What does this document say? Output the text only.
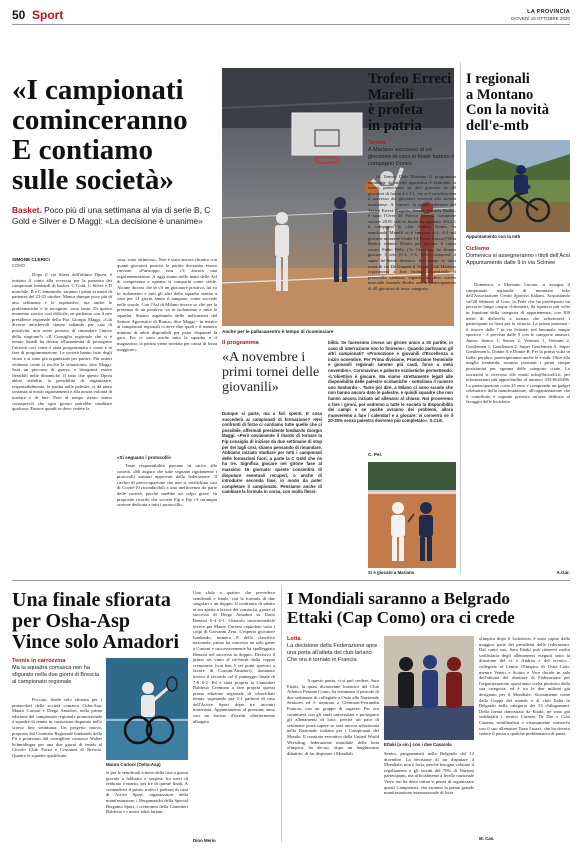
50 Sport	LA PROVINCIA
GIOVEDÌ 15 OTTOBRE 2020
«I campionati
cominceranno
E contiamo
sulle società»
Basket. Poco più di una settimana al via di serie B, C Gold e Silver e D Maggi: «La decisione è unanime»
Anche per le pallacanestro è tempo di ricominciare
SIMONE CLERICI
COMO
Dopo il via libera dell'ultimo Dpcm, è iniziato il conto alla rovescia per la partenza dei campionati lombardi di basket. C Gold, C Silver e D maschile, B e C femminile, saranno i primi ai nastri di partenza del 23-25 ottobre. Manca dunque poco più di una settimana e le aspettative, ma anche le problematiche e le incognite, sono tante. Di questo momento storico così difficile, ne parliamo con il neo presidente regionale della Fip, Giorgio Maggi. «Già diverse amichevoli stanno saltando per casi di positività, non avete pensato di rimandare l'inizio della stagione?» «Il Consiglio regionale che si è tenuto lunedì ha deciso all'unanimità di proseguire l'attività così come è stata programmata e come è in fase di programmazione. Le società hanno fatto degli sforzi e si sono già organizzate per partire. Più avanti vedremo come si evolve la situazione» dice Maggi. Sarà un percorso di guerra, e bisognerà essere flessibili nelle dinamiche. Il fatto che questo Dpcm abbia stabilito la possibilità di organizzare, responsabilmente, la partita nelle palestre, ci dà tanto sostanza ai nostri ragionamenti e alla nostra volontà di iniziare e di fare. Però al tempo stesso siamo consapevoli che ogni giorno potrebbe cambiare qualcosa. Finisce quindi se devo vedere la
cosa, sono ottimista». Non è stato ancora chiarito con quanti giocatori positivi le partite dovranno essere rinviate. «Purtroppo non c'è ancora una regolamentazione. A oggi siamo nelle mani delle Asl di competenza e ognuna si comporta come crede. Alcune dicono che se c'è un giocatore positivo, lui va in isolamento e tutti gli altri dello squadra stanno a casa per 14 giorni fanno il tampone, come succede nelle scuole. Con l'Asl di Milano invece so che per la presenza di un positivo, va in isolamento e tutta la squadra. Stiamo aspettando delle indicazioni dal Settore Agonistico di Roma» dice Maggi - in merito ai campionati regionali ci deve dire quali e il numero minimo di atleti disponibili per poter disputare la gara. Poi ci sono anche tutta la squadra e il magazzino, la partita viene rinviata per causa di forza maggiore».
«Si seguano i protocolli»
Tante responsabilità passano in carico alle società. «Mi auguro che tutte seguano rigidamente i protocolli sanitari approvati dalla federazione. Il rischio di preoccupazione che non si verifichino casi di Covid-19 riconducibili a una inefficienza da parte delle società, perché sarebbe un colpo grave. In proposito ricordo che società Fip e Fip c'è un'ampia sezione dedicata a tutti i protocolli».
Il programma
«A novembre i primi tornei delle giovanili»
Dunque si parte, ma a fari spenti. E cosa succederà ai campionati di formazione? «Nei confronti di forze ci contiamo tutte quelle che ci possibile, affermati presidente lombardo Giorgio Maggi. «Però ovviamente il ritardo di tornare la Fip consiglia di iniziare da due settimane di stop per dei tagli così, stiamo pensando di rimandare. Abbiamo iniziato studiare per tutti i campionati delle formazioni fuori, a parte la C Gold che ne ha tre. Significa giocare nel girone fase al massimo 16 giornate: queste consentirà di disputare eventuali recuperi, o anche di introdurre seconda fase, in modo da poter completare il campionato. Pensiamo anche di cambiare la formula in corsa, con molta flessi-
bilità. Se facessimo invece un girone unico a 30 partite, in caso di interruzione non lo finiremo». Quando partiranno gli altri campionati? «Promozione e giovanili d'Eccellenza a inizio novembre. Per Prima divisione, Promozione femminile e giovanili regionali saremo più cauti, forse a metà novembre». Coronavirus e palestre scolastiche permettendo. «L'obiettivo è giocare. Ma siamo strettamente legati alle disponibilità delle palestre scolastiche - sottolinea il numero uno lombardo -. Tante poi dire, a Milano ci sono scuole che non hanno ancora dato le palestre, e quindi squadre che non hanno ancora iniziato ad allenarsi al chiuso. Noi proveremo a fare i gironi, poi vedremo a tutte le società la disponibilità dei campi e se poche avranno dei problemi, allora muoveremo a fare i calendari e a giocare: vi converrà se il 20-30% senza palestra dovremo più completato». S.CLE.
Trofeo Erreci
Marelli
è profeta
in patria
Tennis
A Mariano successo di un giocatore di casa in finale battuto il compagno Dones
Al Tennis Club Mariano il programma autunnale di attività agonistica è intitolato ai tornei, partecipato su due giornate da 40 giocatori di fascia 4 e 3.5, che si è concluso con il successo dei giocatori tesserati alla società marianese. A vincere la prima edizione del Trofeo Erreci Progetto Tennis, formula Rodeo, è stato l'Over 40 Franco Marelli, campione sociale 2019, che in finale ha superato 4-0,4-1 il compagno di club Andrea Dones. In semifinale Marelli si è imposto 6-2, 4-2 sul giovane monzese Under 14 Pietro Cuccia (Villa Reale), mentre Dones per passare il turno contro Fabio Bello (Tc Giussano) ha dovuto giocare 3 sets (0-4, 5-3, 10-6) comprese il super tie-break decisivo. Sui campi in terra rossa di via De Gasperi il Tennis Club Mariano organizzerà a fine ottobre, rispettando il protocollo sanitario vigente, un altro torneo maschile formula Rodeo con la partecipazione di 40 giocatori di terza categoria.
C. Pel.
Si è giocato a Mariano
I regionali
a Montano
Con la novità
dell'e-mtb
Appuntamento con la mtb
Ciclismo
Domenica si assegneranno i titoli dell'Acsi Appuntamento dalle 9 in via Scimee
Domenica, a Montano Lucino, si assegna il campionato regionale di mountain bike dell'Associazione Centri Sportivi Italiani. Acquistando val'28 febbraio al Giro, la Fede che ha predisposto un percorso lungo cinque chilometri, da ripetersi più volte in funzione della categoria di appartenenza, con 300 metri di dislivello a tornata che selezionerà i partecipanti in lizza per la vittoria. La prima partenza - il ritrovo dalle 7 in via Scimee, nel lanomale campo sportivo - è prevista dalle 9 con le categorie amatori, Junior, Senior 1, Senior 2, Veterani 1, Veterani 2, Gentlemen 1, Gentlemen 2, Super Gentlemen A, Super Gentlemen b, Donne A e Donne B. Per la prima volta in Italia, peraltro, parteciperanno anche le e-mtb. Oltre alla maglia lombarda, saranno premiati i primi cinque posizionati per ognuna delle categorie citate. Le iscrizioni si ricevono alle email info@bicirelli.it, per informazioni più approfondite al numero 335-6620496. La partecipazione costa 25 euro e comprende un gadget celebrativo della manifestazione, all'organizzazione che il contributo è segnato prevista un'area dedicata al lavaggio delle biciclette.
A.Gar.
Una finale sfiorata
per Osha-Asp
Vince solo Amadori
Tennis in carrozzina
Ma la squadra comasca non ha sfigurato nella due giorni di Brescia al campionato regionale
Peccato, finale solo sfiorata per i portacolori della società comasca Osha-Asp, Mauro Curioni e Diego Amadori, nella prima edizione del campionato regionale promozionale a squadre di tennis in carrozzina disputato nello scorso fine settimana. Un progetto nuovo, proposto dal Comitato Regionale lombardo della Fit e promosso dal consigliere comasco Walter Schmidinger per una due giorni di tennis al Circolo Club Forza e Costanza di Brescia. Quattro le squadre qualificate
Mauro Curioni (Osha-Asp)
te per le semifinali a mese della fase a gironi giocate a febbraio e sospese fra mesi di febbraio e marzo, per tre di queste finali. A contendersi il primo trofeo i padroni di casa di Active Sport, organizzatori della manifestazione, i Bergamaschi della Special Bergamo Sport, i cremonesi della Canottieri Baldesio e i nostri atleti lariani.
Una sfida a quattro che prevedeva semifinali e finale, con la formula di due singolari e un doppio. Il confronto di sabato ei era aperta a favore dei comaschi, grazie al successo di Diego Amadori su Dario Benassi 6-4 6-1. Ostacolo insormontabile invece per Mauro Curioni capitolato sotto i colpi di Giovanni Zeni. L'esperto giocatore lombardo, numero 8 della classifica nazionale, primo ha concesso un solo game a Curioni e successivamente ha spalleggiato Benassi nel successo in doppio. Decisivo il primo set vinto al tie-break dalla coppia cremonese (con ben 5 set point sprecati a favore di Curioni/Amadori), dominato invece il secondo col il punteggio finale di 7-6 6-2. Ed è stata propria la Canottieri Baldesio Cremona a fare propria questa prima edizione regionale di wheelchair tennis, superando per 2-1 padroni di casa dell'Active Sport dopo tre incontri tiratissimi. Appuntamento al prossimo anno con un bacino d'iscritti ulteriormente allargato.
Dino Merio
I Mondiali saranno a Belgrado
Ettaki (Cap Como) ora ci crede
Lotta
La decisione della Federazione apre una porta all'atleta del club lariano Che ora è tornato in Francia
A questo punto, ci si può credere. Sara Ettaki, la quasi diciottenne lottatrice del Club Atletico Pesante Como, ha terminato il periodo di due settimane di collegiale a Ostia alla Nazionale Seniores ed è rientrata a Clermont-Ferrandin Francia, con un gruppo di ragazze. Per ora continuerà con gli studi universitari e proseguirà gli allenamenti di lotta, perché un paio di settimane potrà sapere se sarà ancora selezionata nella Nazionale italiana per i Campionati del Mondo. Il comitato esecutivo della United World Wrestling, federazione mondiale della lotta olimpica, ha deciso, dopo un lunghissimo dibattito, di far disputare i Mondiali
Ettaki (a sin.) con i due Casarola
Senior, programmati nella Belgrado dal 12 dicembre. La decisione di far disputare il Mondiale, non è forta, perché bisogna valutare il regolamento e gli iscritti del 70% di Nazioni partecipanti, ma ufficialmente a livello nazionale Viero ieri ha detto ormai si pensa di organizzare questi Campionati, che saranno la prima grande manifestazione internazionale di lotta
olimpica dopo il lockdown, è stato capito dalla maggior parte dei presidenti delle federazioni. Dal canto suo, Sara Ettaki può ritenersi molto soddisfatta degli allenamenti eseguiti sotto la direzione del ct e Andrea e del tecnico... collegiale al Centro Olimpico di Ostia Lido, mentre Veneri e Sciuto e Vere decide in sala dell'attività del direttore di Federazione per l'organizzazione, quest'anno scelta piuttosto della sua categoria. ed è tra le due milioni già designato per il Mondiale. Sicuramente come dalla Coppa del mondo e al club Italia in Belgrado nella categoria dei 53 chilogrammi. Della forma dimostrata da Ettaki, ne sono già soddisfatti i tecnici Carmen Di Dio e Ciao Catania, semifinalisti e vistosamente comaschi con il suo allenatore Tuan Liuzzi, che ha dovuto cedere il passo a qualche problematica di punti.
M. Cas.
